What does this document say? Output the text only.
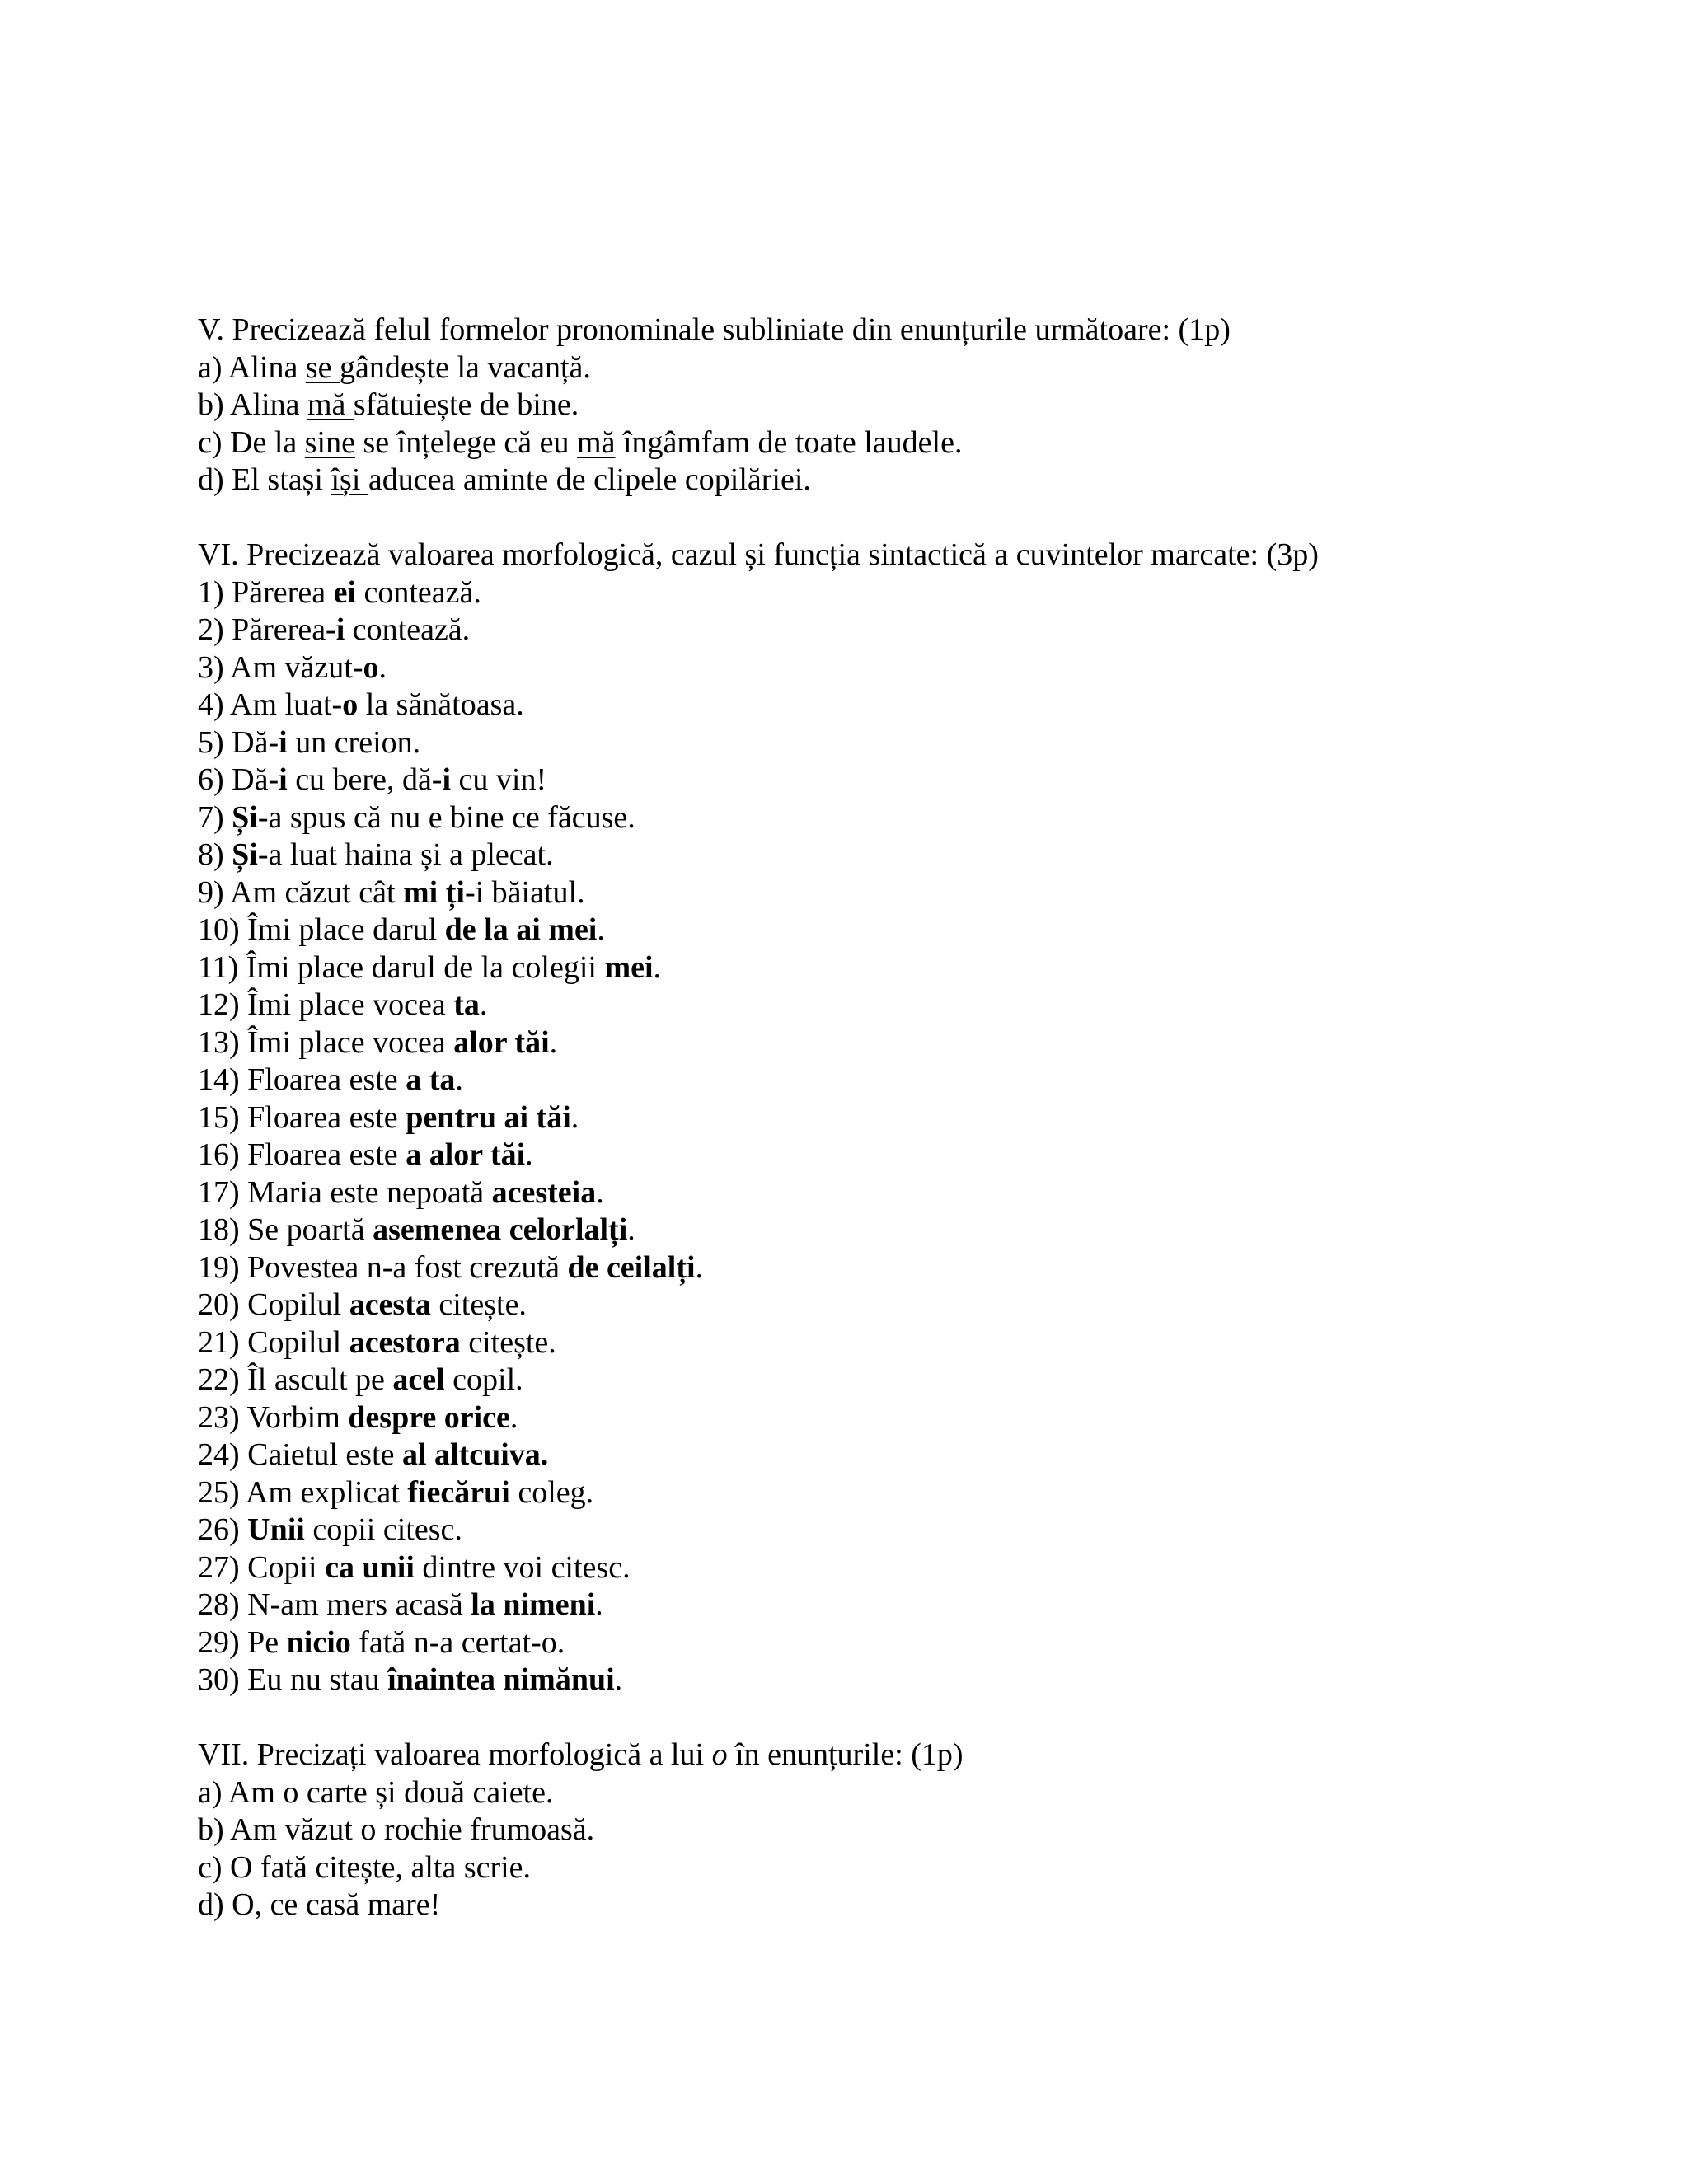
V. Precizează felul formelor pronominale subliniate din enunțurile următoare: (1p)
a) Alina se gândește la vacanță.
b) Alina mă sfătuiește de bine.
c) De la sine se înțelege că eu mă îngâmfam de toate laudele.
d) El stași își aducea aminte de clipele copilăriei.
VI. Precizează valoarea morfologică, cazul și funcția sintactică a cuvintelor marcate: (3p)
1) Părerea ei contează.
2) Părerea-i contează.
3) Am văzut-o.
4) Am luat-o la sănătoasa.
5) Dă-i un creion.
6) Dă-i cu bere, dă-i cu vin!
7) Și-a spus că nu e bine ce făcuse.
8) Și-a luat haina și a plecat.
9) Am căzut cât mi ți-i băiatul.
10) Îmi place darul de la ai mei.
11) Îmi place darul de la colegii mei.
12) Îmi place vocea ta.
13) Îmi place vocea alor tăi.
14) Floarea este a ta.
15) Floarea este pentru ai tăi.
16) Floarea este a alor tăi.
17) Maria este nepoată acesteia.
18) Se poartă asemenea celorlalți.
19) Povestea n-a fost crezută de ceilalți.
20) Copilul acesta citește.
21) Copilul acestora citește.
22) Îl ascult pe acel copil.
23) Vorbim despre orice.
24) Caietul este al altcuiva.
25) Am explicat fiecărui coleg.
26) Unii copii citesc.
27) Copii ca unii dintre voi citesc.
28) N-am mers acasă la nimeni.
29) Pe nicio fată n-a certat-o.
30) Eu nu stau înaintea nimănui.
VII. Precizați valoarea morfologică a lui o în enunțurile: (1p)
a) Am o carte și două caiete.
b) Am văzut o rochie frumoasă.
c) O fată citește, alta scrie.
d) O, ce casă mare!
